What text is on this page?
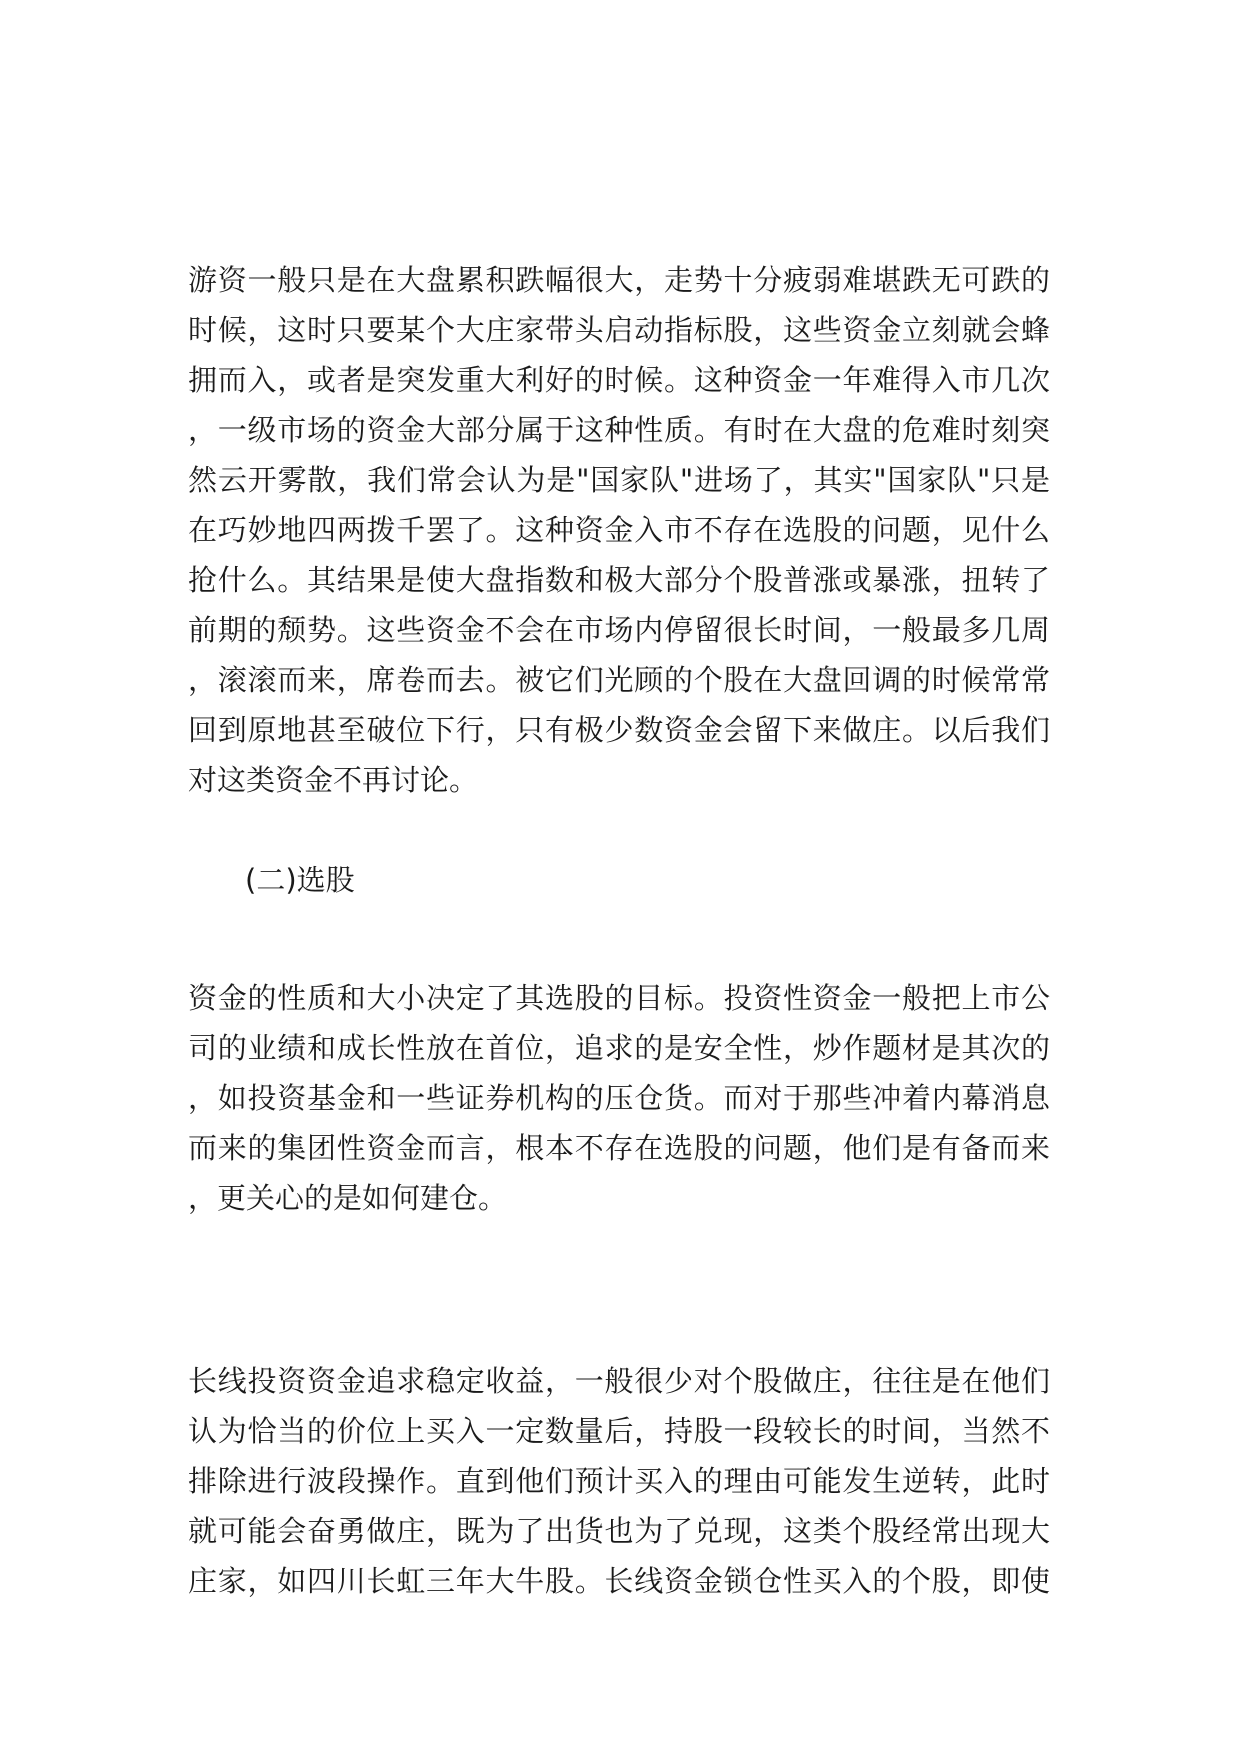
游资一般只是在大盘累积跌幅很大，走势十分疲弱难堪跌无可跌的
时候，这时只要某个大庄家带头启动指标股，这些资金立刻就会蜂
拥而入，或者是突发重大利好的时候。这种资金一年难得入市几次
，一级市场的资金大部分属于这种性质。有时在大盘的危难时刻突
然云开雾散，我们常会认为是"国家队"进场了，其实"国家队"只是
在巧妙地四两拨千罢了。这种资金入市不存在选股的问题，见什么
抢什么。其结果是使大盘指数和极大部分个股普涨或暴涨，扭转了
前期的颓势。这些资金不会在市场内停留很长时间，一般最多几周
，滚滚而来，席卷而去。被它们光顾的个股在大盘回调的时候常常
回到原地甚至破位下行，只有极少数资金会留下来做庄。以后我们
对这类资金不再讨论。
(二)选股
资金的性质和大小决定了其选股的目标。投资性资金一般把上市公
司的业绩和成长性放在首位，追求的是安全性，炒作题材是其次的
，如投资基金和一些证券机构的压仓货。而对于那些冲着内幕消息
而来的集团性资金而言，根本不存在选股的问题，他们是有备而来
，更关心的是如何建仓。
长线投资资金追求稳定收益，一般很少对个股做庄，往往是在他们
认为恰当的价位上买入一定数量后，持股一段较长的时间，当然不
排除进行波段操作。直到他们预计买入的理由可能发生逆转，此时
就可能会奋勇做庄，既为了出货也为了兑现，这类个股经常出现大
庄家，如四川长虹三年大牛股。长线资金锁仓性买入的个股，即使
